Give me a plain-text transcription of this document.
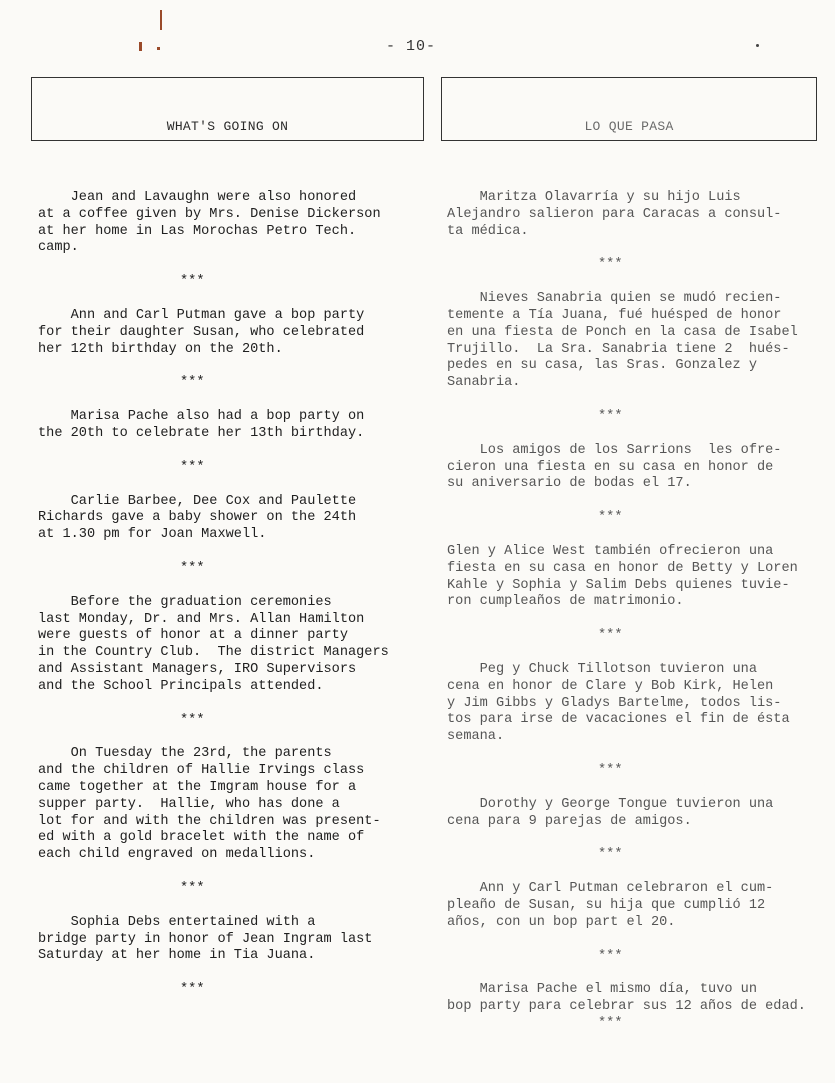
- 10-
WHAT'S GOING ON	LO QUE PASA
Jean and Lavaughn were also honored
at a coffee given by Mrs. Denise Dickerson
at her home in Las Morochas Petro Tech.
camp.
***
Ann and Carl Putman gave a bop party
for their daughter Susan, who celebrated
her 12th birthday on the 20th.
***
Marisa Pache also had a bop party on
the 20th to celebrate her 13th birthday.
***
Carlie Barbee, Dee Cox and Paulette
Richards gave a baby shower on the 24th
at 1.30 pm for Joan Maxwell.
***
Before the graduation ceremonies
last Monday, Dr. and Mrs. Allan Hamilton
were guests of honor at a dinner party
in the Country Club.  The district Managers
and Assistant Managers, IRO Supervisors
and the School Principals attended.
***
On Tuesday the 23rd, the parents
and the children of Hallie Irvings class
came together at the Imgram house for a
supper party.  Hallie, who has done a
lot for and with the children was present-
ed with a gold bracelet with the name of
each child engraved on medallions.
***
Sophia Debs entertained with a
bridge party in honor of Jean Ingram last
Saturday at her home in Tia Juana.
***
Maritza Olavarría y su hijo Luis
Alejandro salieron para Caracas a consul-
ta médica.
***
Nieves Sanabria quien se mudó recien-
temente a Tía Juana, fué huésped de honor
en una fiesta de Ponch en la casa de Isabel
Trujillo.  La Sra. Sanabria tiene 2  hués-
pedes en su casa, las Sras. Gonzalez y
Sanabria.
***
Los amigos de los Sarrions  les ofre-
cieron una fiesta en su casa en honor de
su aniversario de bodas el 17.
***
Glen y Alice West también ofrecieron una
fiesta en su casa en honor de Betty y Loren
Kahle y Sophia y Salim Debs quienes tuvie-
ron cumpleaños de matrimonio.
***
Peg y Chuck Tillotson tuvieron una
cena en honor de Clare y Bob Kirk, Helen
y Jim Gibbs y Gladys Bartelme, todos lis-
tos para irse de vacaciones el fin de ésta
semana.
***
Dorothy y George Tongue tuvieron una
cena para 9 parejas de amigos.
***
Ann y Carl Putman celebraron el cum-
pleaño de Susan, su hija que cumplió 12
años, con un bop part el 20.
***
Marisa Pache el mismo día, tuvo un
bop party para celebrar sus 12 años de edad.
***
